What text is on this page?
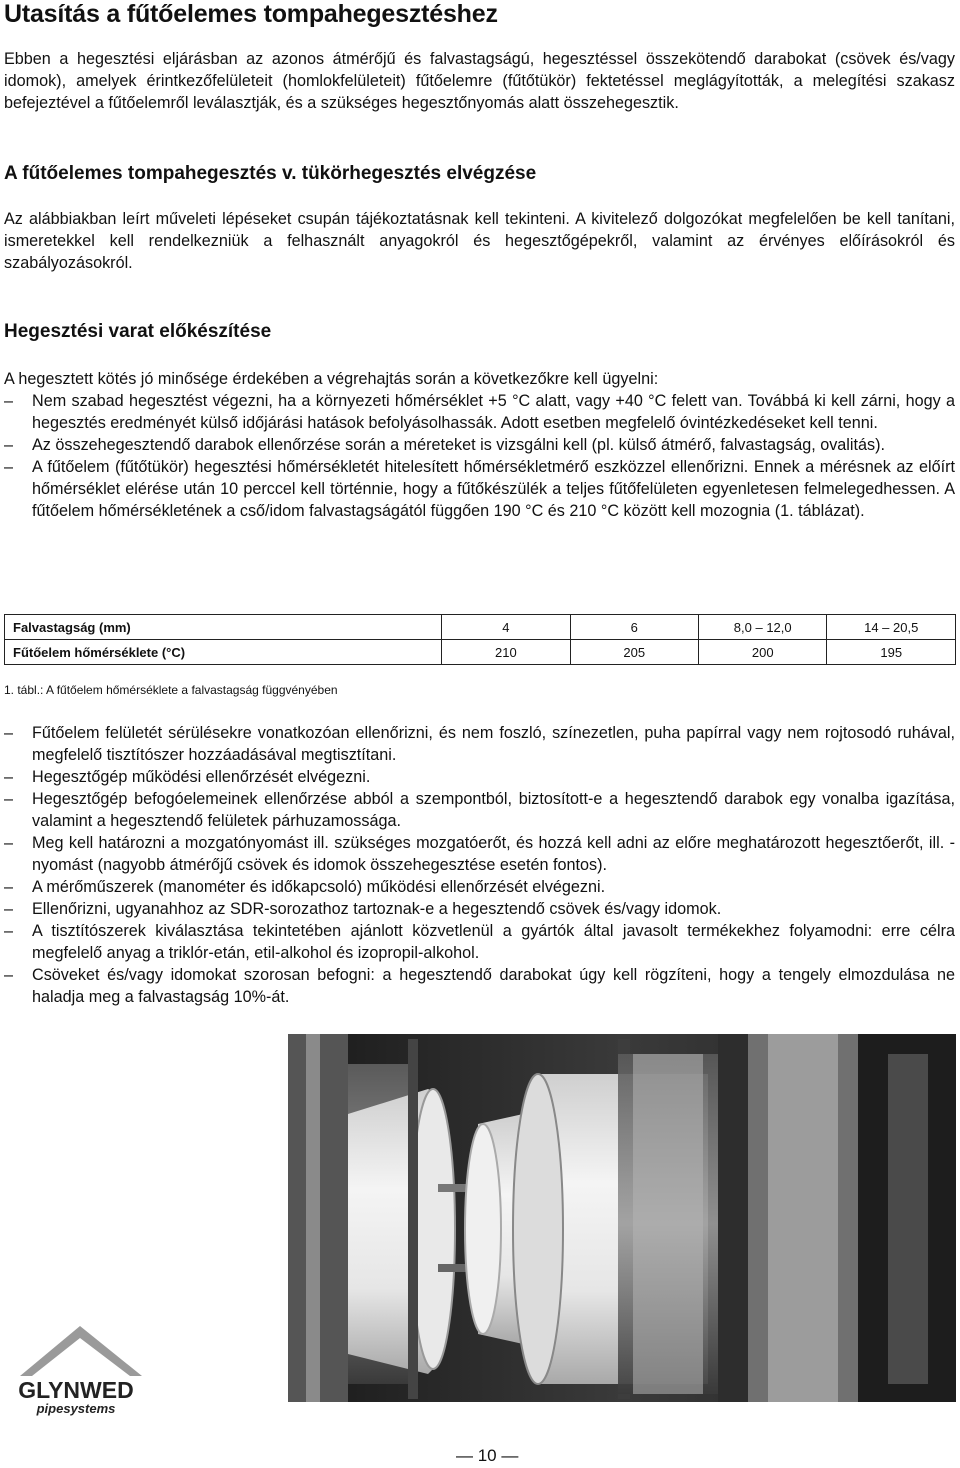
Utasítás a fűtőelemes tompahegesztéshez

Ebben a hegesztési eljárásban az azonos átmérőjű és falvastagságú, hegesztéssel összekötendő darabokat (csövek és/vagy idomok), amelyek érintkezőfelületeit (homlokfelületeit) fűtőelemre (fűtőtükör) fektetéssel meglágyították, a melegítési szakasz befejeztével a fűtőelemről leválasztják, és a szükséges hegesztőnyomás alatt összehegesztik.

A fűtőelemes tompahegesztés v. tükörhegesztés elvégzése

Az alábbiakban leírt műveleti lépéseket csupán tájékoztatásnak kell tekinteni. A kivitelező dolgozókat megfelelően be kell tanítani, ismeretekkel kell rendelkezniük a felhasznált anyagokról és hegesztőgépekről, valamint az érvényes előírásokról és szabályozásokról.

Hegesztési varat előkészítése

A hegesztett kötés jó minősége érdekében a végrehajtás során a következőkre kell ügyelni:

– Nem szabad hegesztést végezni, ha a környezeti hőmérséklet +5 °C alatt, vagy +40 °C felett van. Továbbá ki kell zárni, hogy a hegesztés eredményét külső időjárási hatások befolyásolhassák. Adott esetben megfelelő óvintézkedéseket kell tenni.
– Az összehegesztendő darabok ellenőrzése során a méreteket is vizsgálni kell (pl. külső átmérő, falvastagság, ovalitás).
– A fűtőelem (fűtőtükör) hegesztési hőmérsékletét hitelesített hőmérsékletmérő eszközzel ellenőrizni. Ennek a mérésnek az előírt hőmérséklet elérése után 10 perccel kell történnie, hogy a fűtőkészülék a teljes fűtőfelületen egyenletesen felmelegedhessen. A fűtőelem hőmérsékletének a cső/idom falvastagságától függően 190 °C és 210 °C között kell mozognia (1. táblázat).
Falvastagság (mm)	4	6	8,0 – 12,0	14 – 20,5
Fűtőelem hőmérséklete (°C)	210	205	200	195
1. tábl.: A fűtőelem hőmérséklete a falvastagság függvényében
– Fűtőelem felületét sérülésekre vonatkozóan ellenőrizni, és nem foszló, színezetlen, puha papírral vagy nem rojtosodó ruhával, megfelelő tisztítószer hozzáadásával megtisztítani.
– Hegesztőgép működési ellenőrzését elvégezni.
– Hegesztőgép befogóelemeinek ellenőrzése abból a szempontból, biztosított-e a hegesztendő darabok egy vonalba igazítása, valamint a hegesztendő felületek párhuzamossága.
– Meg kell határozni a mozgatónyomást ill. szükséges mozgatóerőt, és hozzá kell adni az előre meghatározott hegesztőerőt, ill. -nyomást (nagyobb átmérőjű csövek és idomok összehegesztése esetén fontos).
– A mérőműszerek (manométer és időkapcsoló) működési ellenőrzését elvégezni.
– Ellenőrizni, ugyanahhoz az SDR-sorozathoz tartoznak-e a hegesztendő csövek és/vagy idomok.
– A tisztítószerek kiválasztása tekintetében ajánlott közvetlenül a gyártók által javasolt termékekhez folyamodni: erre célra megfelelő anyag a triklór-etán, etil-alkohol és izopropil-alkohol.
– Csöveket és/vagy idomokat szorosan befogni: a hegesztendő darabokat úgy kell rögzíteni, hogy a tengely elmozdulása ne haladja meg a falvastagság 10%-át.
GLYNWED
pipesystems
— 10 —
